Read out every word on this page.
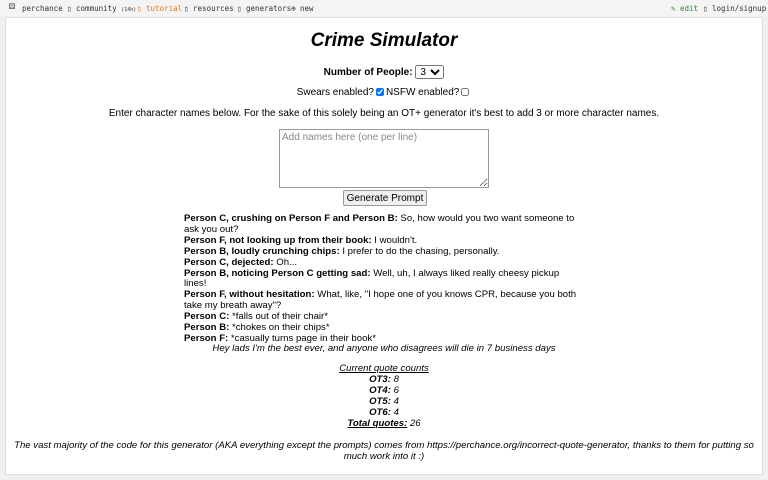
⚄ perchance ▯ community (14h) ▯ tutorial ▯ resources ▯ generators ⊕ new	✎ edit ▯ login/signup
Crime Simulator
Number of People:
3
Swears enabled? NSFW enabled?
Enter character names below. For the sake of this solely being an OT+ generator it's best to add 3 or more character names.
Add names here (one per line)
Generate Prompt
Person C, crushing on Person F and Person B: So, how would you two want someone to ask you out?
Person F, not looking up from their book: I wouldn't.
Person B, loudly crunching chips: I prefer to do the chasing, personally.
Person C, dejected: Oh...
Person B, noticing Person C getting sad: Well, uh, I always liked really cheesy pickup lines!
Person F, without hesitation: What, like, "I hope one of you knows CPR, because you both take my breath away"?
Person C: *falls out of their chair*
Person B: *chokes on their chips*
Person F: *casually turns page in their book*
Hey lads I'm the best ever, and anyone who disagrees will die in 7 business days
Current quote counts
OT3: 8
OT4: 6
OT5: 4
OT6: 4
Total quotes: 26
The vast majority of the code for this generator (AKA everything except the prompts) comes from https://perchance.org/incorrect-quote-generator, thanks to them for putting so much work into it :)
